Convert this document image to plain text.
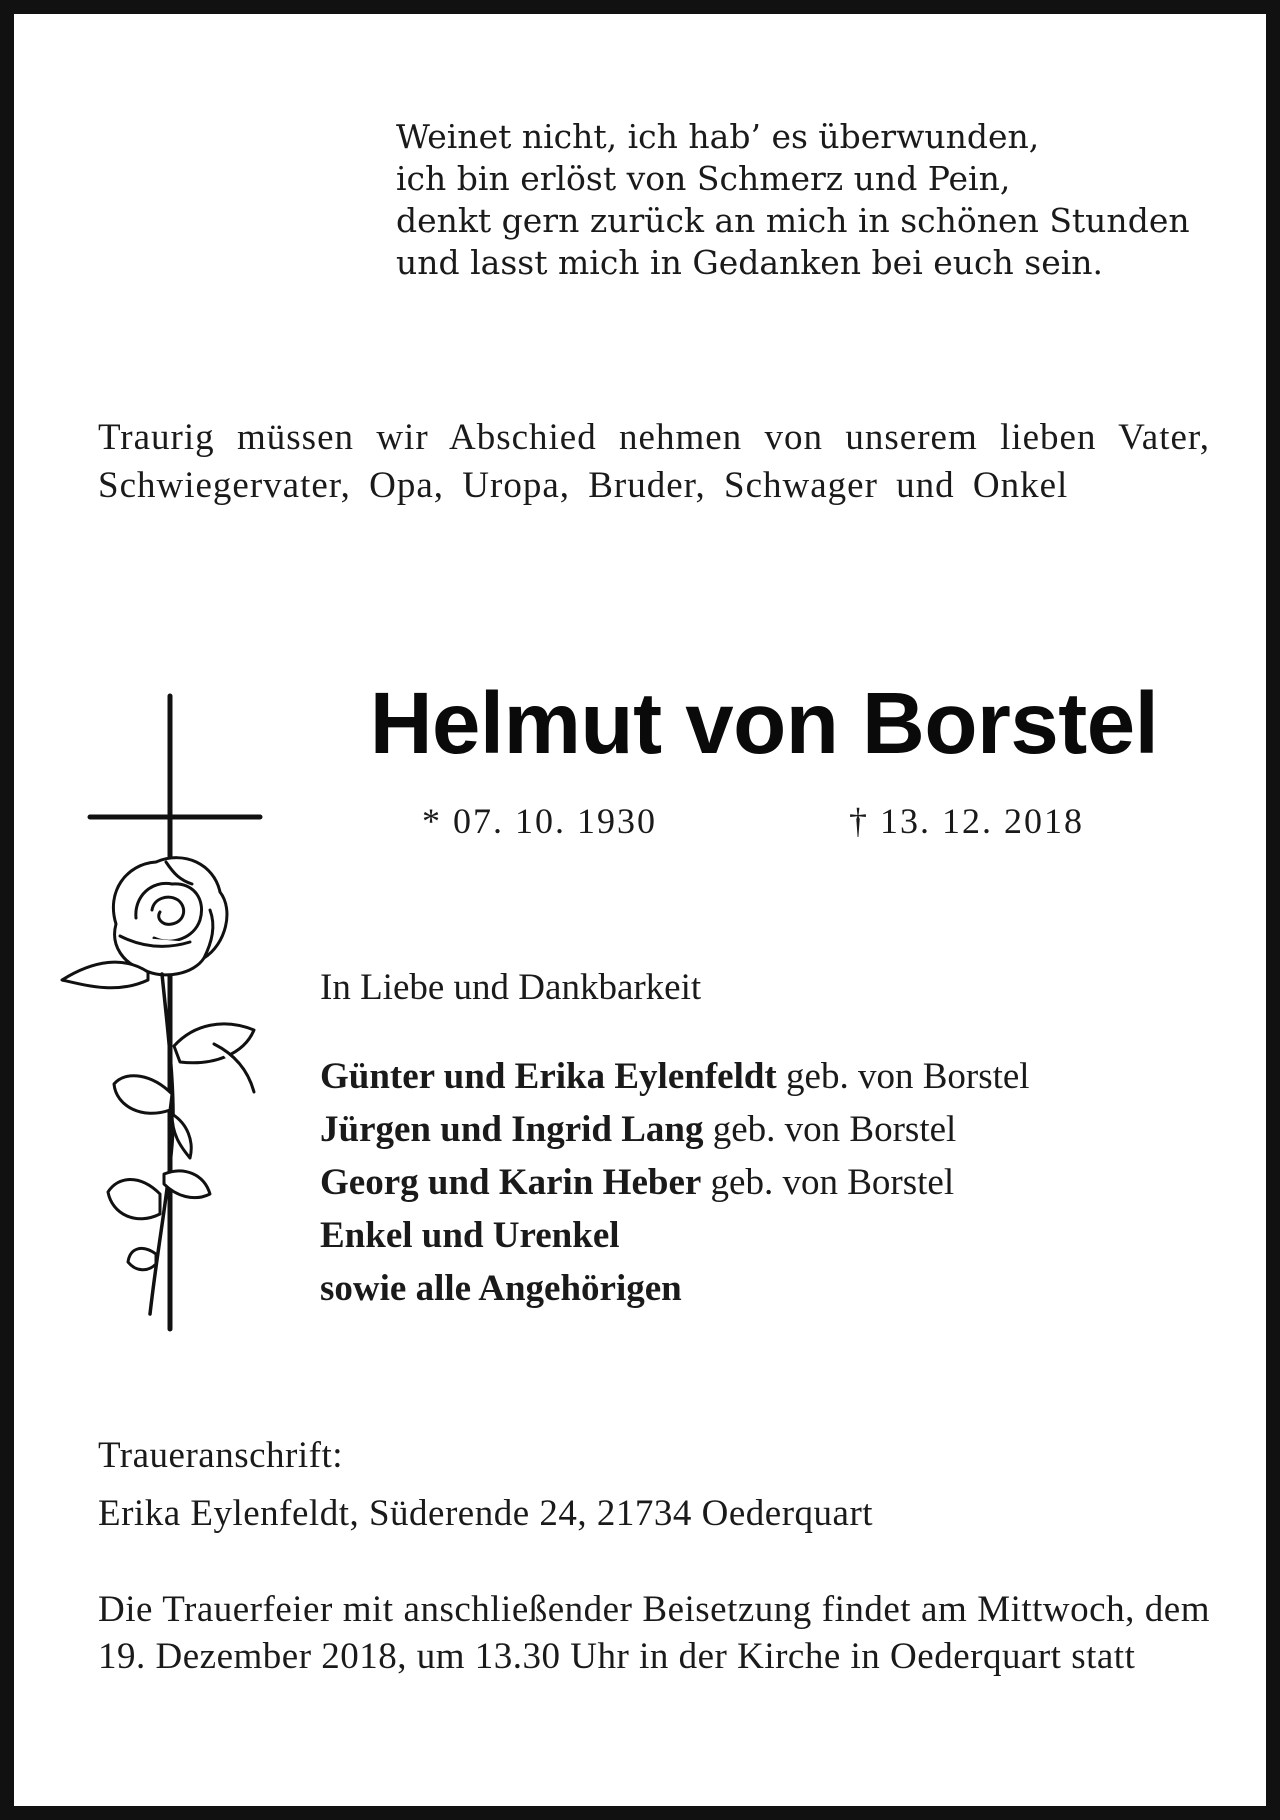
Weinet nicht, ich hab’ es überwunden,
ich bin erlöst von Schmerz und Pein,
denkt gern zurück an mich in schönen Stunden
und lasst mich in Gedanken bei euch sein.
Traurig müssen wir Abschied nehmen von unserem lieben Vater, Schwiegervater, Opa, Uropa, Bruder, Schwager und Onkel
Helmut von Borstel
* 07. 10. 1930	† 13. 12. 2018
In Liebe und Dankbarkeit
Günter und Erika Eylenfeldt geb. von Borstel
Jürgen und Ingrid Lang geb. von Borstel
Georg und Karin Heber geb. von Borstel
Enkel und Urenkel
sowie alle Angehörigen
Traueranschrift:
Erika Eylenfeldt, Süderende 24, 21734 Oederquart
Die Trauerfeier mit anschließender Beisetzung findet am Mittwoch, dem 19. Dezember 2018, um 13.30 Uhr in der Kirche in Oederquart statt
